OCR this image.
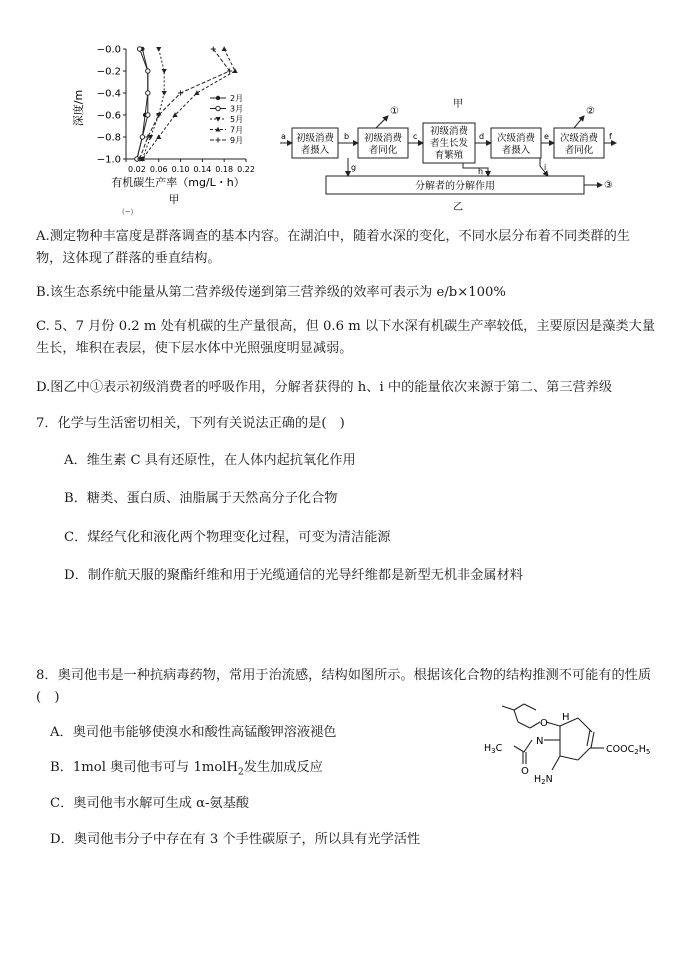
深度/m
−0.0
−0.2
−0.4
−0.6
−0.8
−1.0
0.02 0.06 0.10 0.14 0.18 0.22
2月
3月
5月
7月
9月
有机碳生产率（mg/L・h）
甲
(~)
甲
初级消费者摄入
初级消费者同化
初级消费者生长发育繁殖
次级消费者摄入
次级消费者同化
分解者的分解作用
a	b	c	d	e	f
g	h	i
①	②
③
乙
A.测定物种丰富度是群落调查的基本内容。在湖泊中，随着水深的变化，不同水层分布着不同类群的生物，这体现了群落的垂直结构。
B.该生态系统中能量从第二营养级传递到第三营养级的效率可表示为 e/b×100%
C. 5、7 月份 0.2 m 处有机碳的生产量很高，但 0.6 m 以下水深有机碳生产率较低，主要原因是藻类大量生长，堆积在表层，使下层水体中光照强度明显减弱。
D.图乙中①表示初级消费者的呼吸作用，分解者获得的 h、i 中的能量依次来源于第二、第三营养级
7．化学与生活密切相关，下列有关说法正确的是(　)
A．维生素 C 具有还原性，在人体内起抗氧化作用
B．糖类、蛋白质、油脂属于天然高分子化合物
C．煤经气化和液化两个物理变化过程，可变为清洁能源
D．制作航天服的聚酯纤维和用于光缆通信的光导纤维都是新型无机非金属材料
8．奥司他韦是一种抗病毒药物，常用于治流感，结构如图所示。根据该化合物的结构推测不可能有的性质(　)
A．奥司他韦能够使溴水和酸性高锰酸钾溶液褪色
B．1mol 奥司他韦可与 1molH$_2$发生加成反应
C．奥司他韦水解可生成 α-氨基酸
D．奥司他韦分子中存在有 3 个手性碳原子，所以具有光学活性
O
H
N
$H_3C$
O
$H_2N$
$COOC_2H_5$
